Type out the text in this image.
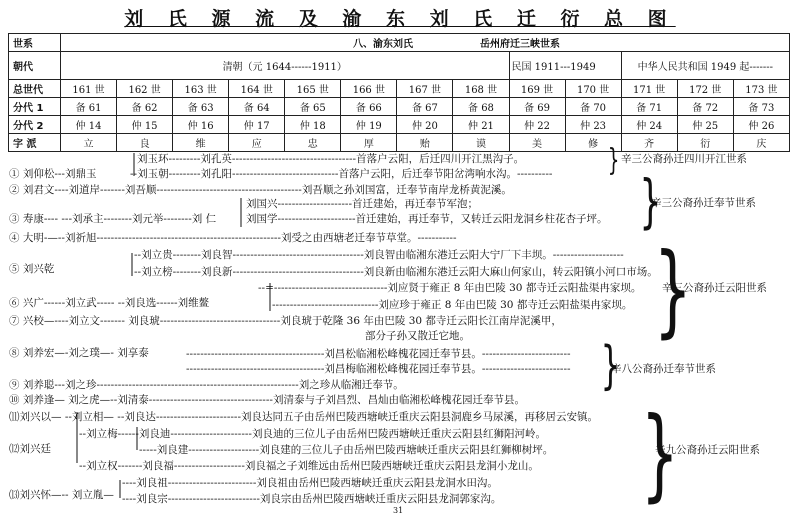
刘 氏 源 流 及 渝 东 刘 氏 迁 衍 总 图
世系	八、渝东刘氏 岳州府迁三峡世系												
朝代	清朝（元 1644------1911）								民国 1911---1949		中华人民共和国 1949 起-------		
总世代	161 世	162 世	163 世	164 世	165 世	166 世	167 世	168 世	169 世	170 世	171 世	172 世	173 世
分代 1	备 61	备 62	备 63	备 64	备 65	备 66	备 67	备 68	备 69	备 70	备 71	备 72	备 73
分代 2	仲 14	仲 15	仲 16	仲 17	仲 18	仲 19	仲 20	仲 21	仲 22	仲 23	仲 24	仲 25	仲 26
字 派	立	良	维	应	忠	厚	贻	谟	美	修	齐	衍	庆
刘玉环---------刘孔英-----------------------------------首落户云阳，后迁四川开江黑沟子。
① 刘仰松---刘鼎玉	--刘玉朝---------刘孔阳------------------------------首落户云阳，后迁奉节阳岔湾响水沟。----------
② 刘君文----刘道岸-------刘吾顺-----------------------------------------刘吾顺之孙刘国富，迁奉节南岸龙桥黄泥溪。
刘国兴---------------------首迁建始，再迁奉节军泡；
③ 寿康---- ---刘承主--------刘元举--------刘 仁	刘国学----------------------首迁建始，再迁奉节，又转迁云阳龙洞乡柱花杏子坪。
④ 大明-—--刘祈旭----------------------------------------------------刘受之由西塘老迁奉节草堂。-----------
--刘立贵--------刘良智-------------------------------------刘良智由临湘东港迁云阳大宁厂下丰坝。--------------------
⑤ 刘兴乾	--刘立榜--------刘良新-------------------------------------刘良新由临湘东港迁云阳大麻山何家山，转云阳镇小河口市场。
--=--------------------------------刘应贤于雍正 8 年由巴陵 30 都寺迁云阳盐渠冉家坝。
⑥ 兴广------刘立武----- --刘良选------刘维鳌	------------------------------刘应珍于雍正 8 年由巴陵 30 都寺迁云阳盐渠冉家坝。
⑦ 兴校—----刘立文------- 刘良琥----------------------------------刘良琥于乾隆 36 年由巴陵 30 都寺迁云阳长江南岸泥溪甲，
部分子孙又散迁它地。
⑧ 刘养宏—-刘之璞—- 刘享泰	---------------------------------------刘昌松临湘松峰槐花园迁奉节县。-------------------------
---------------------------------------刘昌梅临湘松峰槐花园迁奉节县。-------------------------
⑨ 刘养聪---刘之珍---------------------------------------------------------刘之珍从临湘迁奉节。
⑩ 刘养逢— 刘之虎—--刘清泰-----------------------------------刘清泰与子刘昌烈、昌灿由临湘松峰槐花园迁奉节县。
⑾刘兴以— --刘立相— --刘良达------------------------刘良达同五子由岳州巴陵西塘峡迁重庆云阳县洞鹿乡马尿溪，再移居云安镇。
--刘立梅------刘良迪-----------------------刘良迪的三位儿子由岳州巴陵西塘峡迁重庆云阳县红狮阳河岭。
⑿刘兴廷	-----刘良建--------------------刘良建的三位儿子由岳州巴陵西塘峡迁重庆云阳县红狮柳树坪。
--刘立权-------刘良福--------------------刘良福之子刘维远由岳州巴陵西塘峡迁重庆云阳县龙洞小龙山。
----刘良祖-------------------------刘良祖由岳州巴陵西塘峡迁重庆云阳县龙洞水田沟。
⒀刘兴怀—-- 刘立胤— ----刘良宗--------------------------刘良宗由岳州巴陵西塘峡迁重庆云阳县龙洞郭家沟。
} 辛三公裔孙迁四川开江世系
}
辛三公裔孙迁奉节世系
}
辛三公裔孙迁云阳世系
}
辛八公裔孙迁奉节世系
}
辛九公裔孙迁云阳世系
31
